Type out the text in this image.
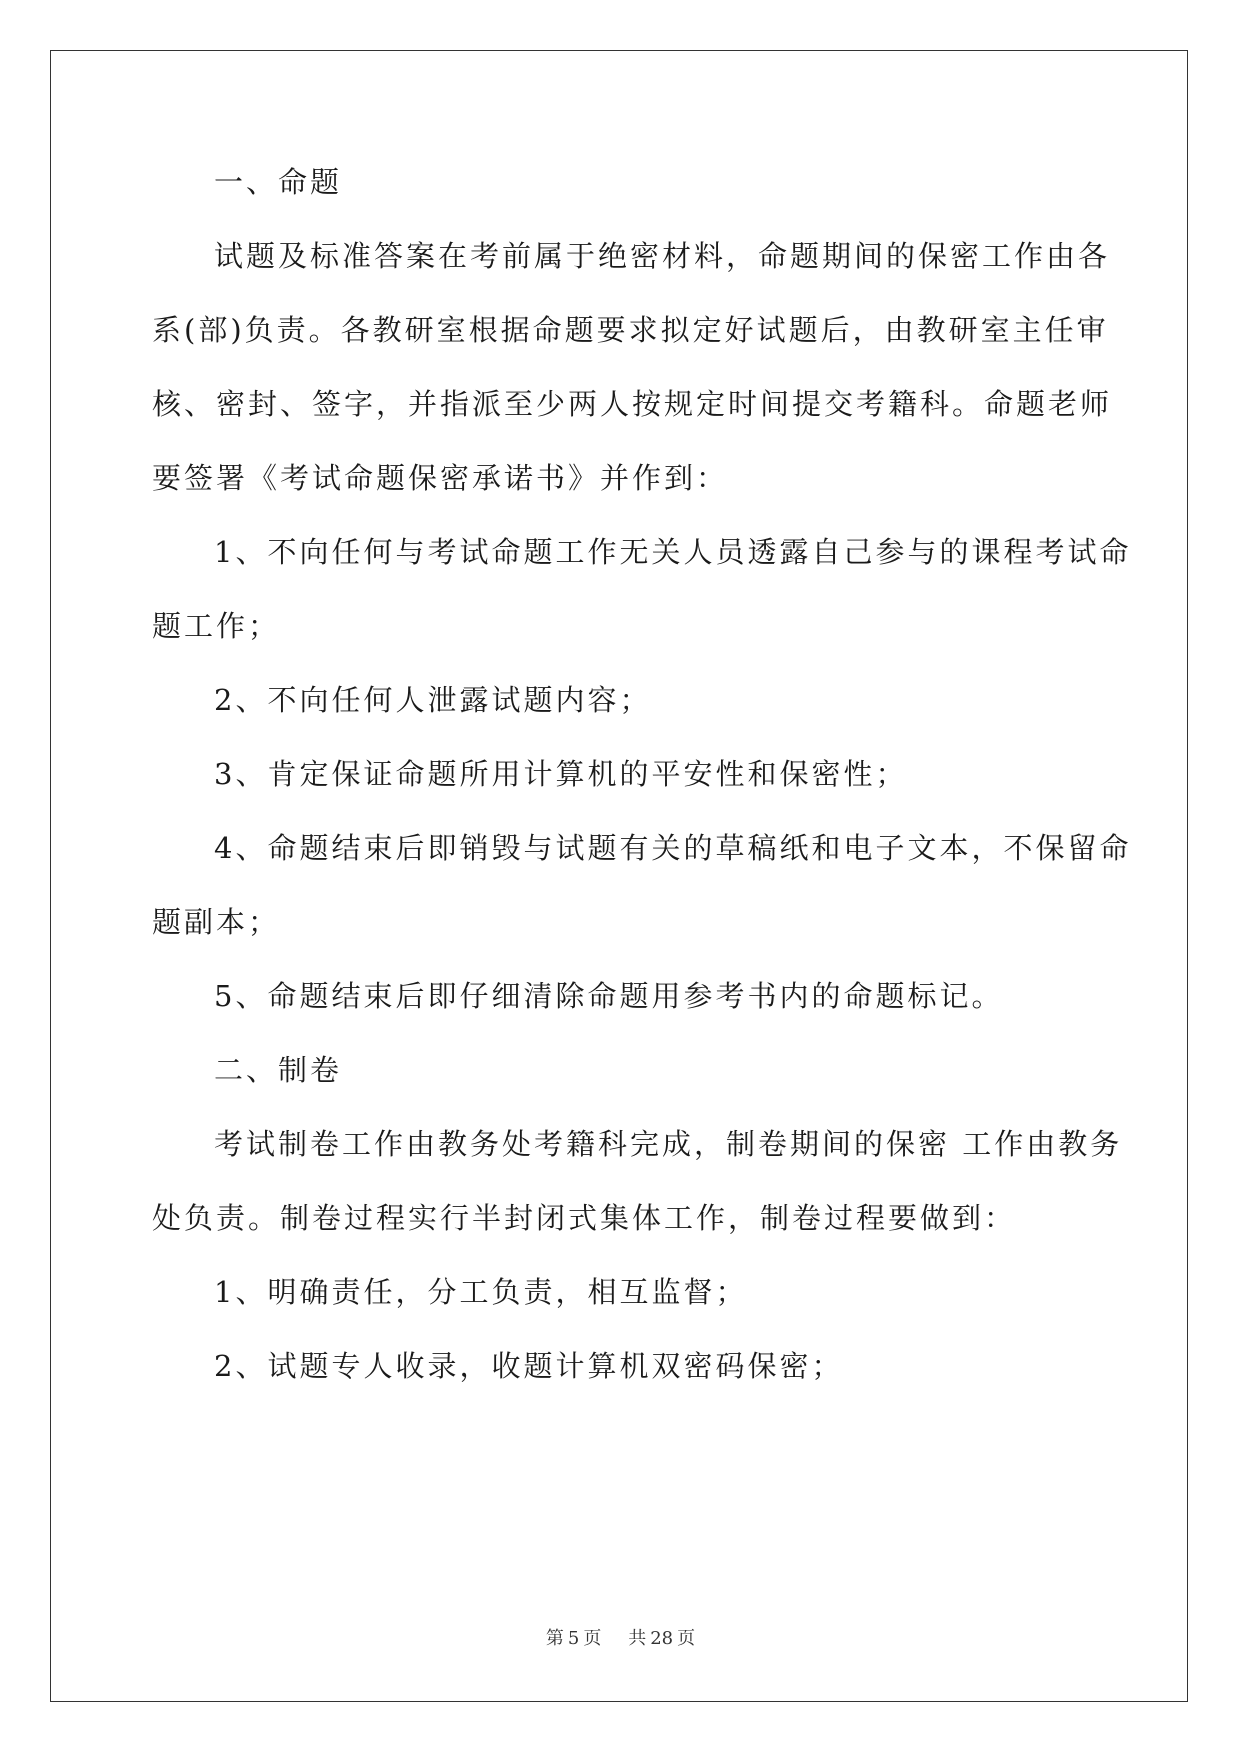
一、命题
试题及标准答案在考前属于绝密材料，命题期间的保密工作由各
系(部)负责。各教研室根据命题要求拟定好试题后，由教研室主任审
核、密封、签字，并指派至少两人按规定时间提交考籍科。命题老师
要签署《考试命题保密承诺书》并作到：
1、不向任何与考试命题工作无关人员透露自己参与的课程考试命
题工作；
2、不向任何人泄露试题内容；
3、肯定保证命题所用计算机的平安性和保密性；
4、命题结束后即销毁与试题有关的草稿纸和电子文本，不保留命
题副本；
5、命题结束后即仔细清除命题用参考书内的命题标记。
二、制卷
考试制卷工作由教务处考籍科完成，制卷期间的保密 工作由教务
处负责。制卷过程实行半封闭式集体工作，制卷过程要做到：
1、明确责任，分工负责，相互监督；
2、试题专人收录，收题计算机双密码保密；
第 5 页 共 28 页
